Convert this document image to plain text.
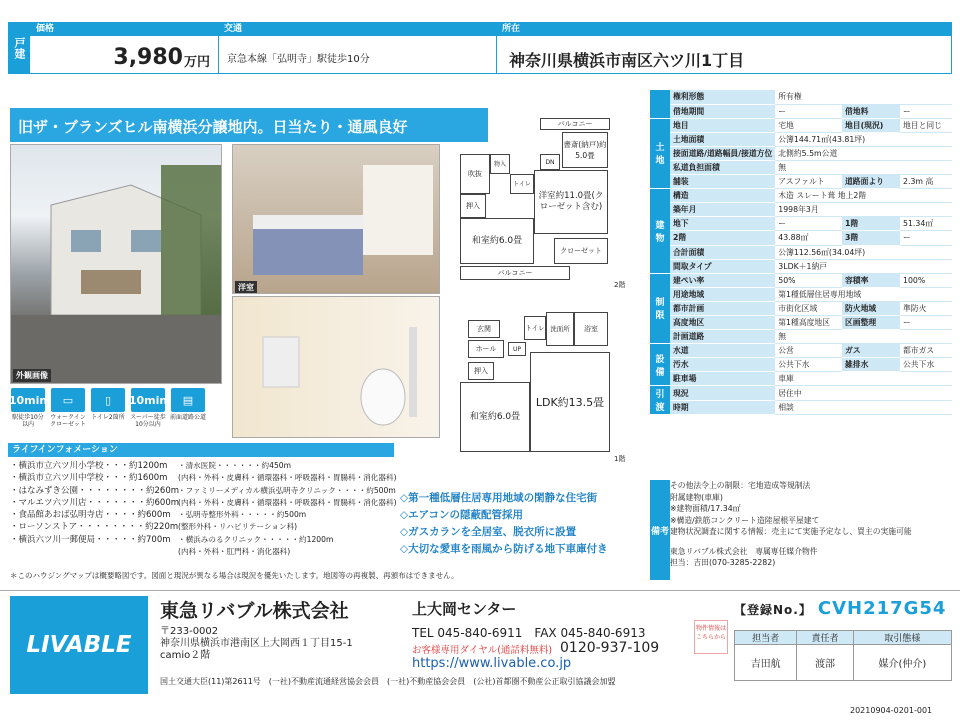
戸建
価格	交通	所在
3,980 万円	京急本線「弘明寺」駅徒歩10分	神奈川県横浜市南区六ツ川1丁目
旧ザ・ブランズヒル南横浜分譲地内。日当たり・通風良好
外観画像
洋室
10min
駅徒歩10分以内
▭
ウォークインクローゼット
▯
トイレ2箇所
10min
スーパー徒歩10分以内
▤
前面道路公道
バルコニー
書斎(納戸)約5.0畳
吹抜
物入	DN
トイレ
洋室約11.0畳(クローゼット含む)
押入
和室約6.0畳
クローゼット
バルコニー
2階
玄関	トイレ 洗面所	浴室
ホール	UP
押入
和室約6.0畳
LDK約13.5畳
1階
ライフインフォメーション
・横浜市立六ツ川小学校・・・約1200m
・横浜市立六ツ川中学校・・・約1600m
・はなみずき公園・・・・・・・・約260m
・マルエツ六ツ川店・・・・・・・約600m
・食品館あおば弘明寺店・・・・約600m
・ローソンストア・・・・・・・・約220m
・横浜六ツ川一郵便局・・・・・約700m
・清水医院・・・・・・約450m
(内科・外科・皮膚科・循環器科・呼吸器科・胃腸科・消化器科)
・ファミリーメディカル横浜弘明寺クリニック・・・・約500m
(内科・外科・皮膚科・循環器科・呼吸器科・胃腸科・消化器科)
・弘明寺整形外科・・・・・約500m
(整形外科・リハビリテーション科)
・横浜みのるクリニック・・・・・約1200m
(内科・外科・肛門科・消化器科)
◇第一種低層住居専用地域の閑静な住宅街
◇エアコンの隠蔽配管採用
◇ガスカランを全居室、脱衣所に設置
◇大切な愛車を雨風から防げる地下車庫付き
＊このハウジングマップは概要略図です。図面と現況が異なる場合は現況を優先いたします。地図等の再複製、再頒布はできません。
	権利形態	所有権		
	借地期間	ー	借地料	ー
土地	地目	宅地	地目(現況)	地目と同じ
	土地面積	公簿144.71㎡(43.81坪)		
	接面道路/道路幅員/接道方位	北側約5.5m公道		
	私道負担面積	無		
	舗装	アスファルト	道路面より	2.3m 高
建物	構造	木造 スレート葺 地上2階		
	築年月	1998年3月		
	地下	ー	1階	51.34㎡
	2階	43.88㎡	3階	ー
	合計面積	公簿112.56㎡(34.04坪)		
	間取タイプ	3LDK＋1納戸		
制限	建ぺい率	50%	容積率	100%
	用途地域	第1種低層住居専用地域		
	都市計画	市街化区域	防火地域	準防火
	高度地区	第1種高度地区	区画整理	ー
	計画道路	無		
設備	水道	公営	ガス	都市ガス
	汚水	公共下水	雑排水	公共下水
	駐車場	車庫		
引渡	現況	居住中		
	時期	相談		
備考
その他法令上の制限：宅地造成等規制法
附属建物(車庫)
※建物面積/17.34㎡
※構造/鉄筋コンクリート造陸屋根平屋建て
建物状況調査に関する情報：売主にて実施予定なし、買主の実施可能
東急リバブル株式会社　専属専任媒介物件
担当：吉田(070-3285-2282)
LIVABLE
東急リバブル株式会社	上大岡センター
〒233-0002
神奈川県横浜市港南区上大岡西１丁目15-1
camio２階
TEL 045-840-6911　FAX 045-840-6913
お客様専用ダイヤル(通話料無料) 0120-937-109
https://www.livable.co.jp
国土交通大臣(11)第2611号　(一社)不動産流通経営協会会員　(一社)不動産協会会員　(公社)首都圏不動産公正取引協議会加盟
物件情報はこちらから
【登録No.】 CVH217G54
担当者	責任者	取引態様
吉田航	渡部	媒介(仲介)
20210904-0201-001
